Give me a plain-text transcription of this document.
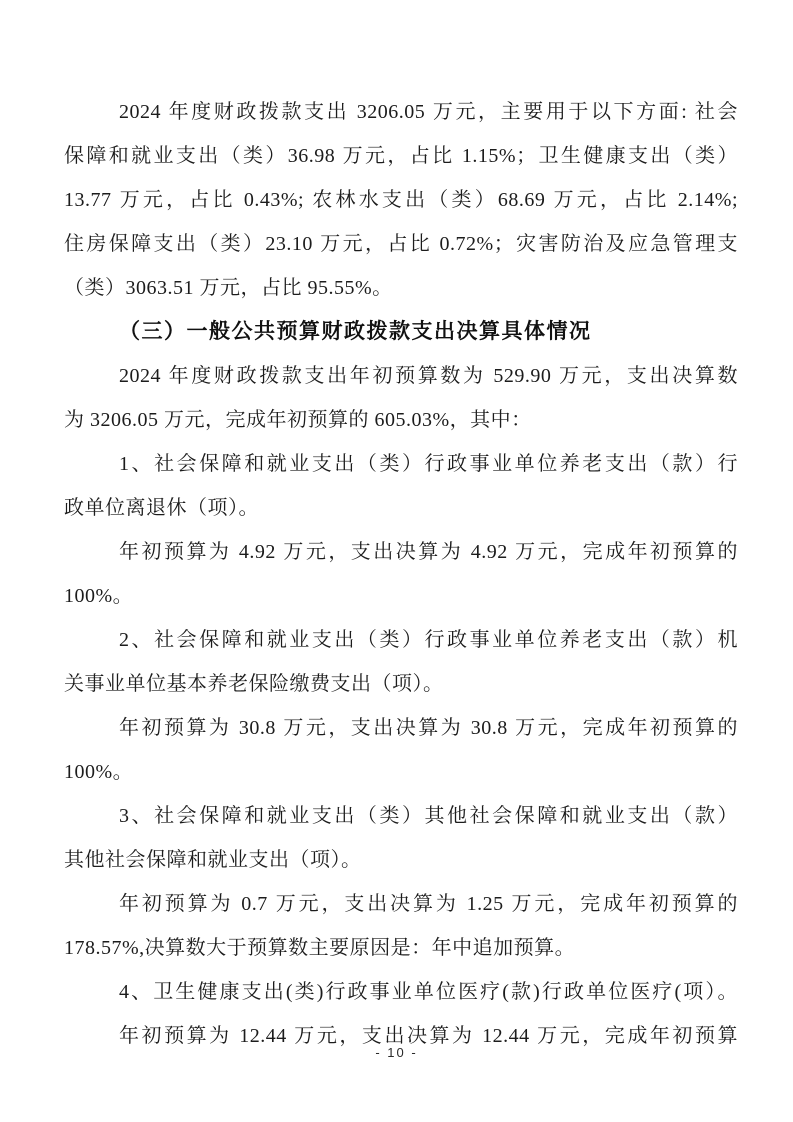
2024 年度财政拨款支出 3206.05 万元，主要用于以下方面: 社会
保障和就业支出（类）36.98 万元，占比 1.15%；卫生健康支出（类）
13.77 万元，占比 0.43%; 农林水支出（类）68.69 万元，占比 2.14%;
住房保障支出（类）23.10 万元，占比 0.72%；灾害防治及应急管理支
（类）3063.51 万元，占比 95.55%。
（三）一般公共预算财政拨款支出决算具体情况
2024 年度财政拨款支出年初预算数为 529.90 万元，支出决算数
为 3206.05 万元，完成年初预算的 605.03%，其中：
1、社会保障和就业支出（类）行政事业单位养老支出（款）行
政单位离退休（项）。
年初预算为 4.92 万元，支出决算为 4.92 万元，完成年初预算的
100%。
2、社会保障和就业支出（类）行政事业单位养老支出（款）机
关事业单位基本养老保险缴费支出（项）。
年初预算为 30.8 万元，支出决算为 30.8 万元，完成年初预算的
100%。
3、社会保障和就业支出（类）其他社会保障和就业支出（款）
其他社会保障和就业支出（项）。
年初预算为 0.7 万元，支出决算为 1.25 万元，完成年初预算的
178.57%,决算数大于预算数主要原因是：年中追加预算。
4、卫生健康支出(类)行政事业单位医疗(款)行政单位医疗(项）。
年初预算为 12.44 万元，支出决算为 12.44 万元，完成年初预算
- 10 -
